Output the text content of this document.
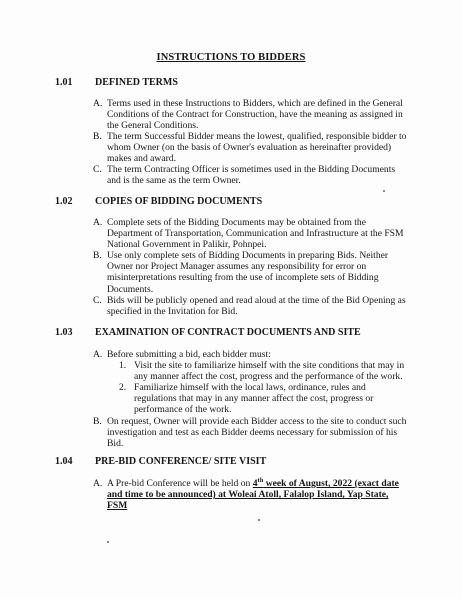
INSTRUCTIONS TO BIDDERS
1.01 DEFINED TERMS
A. Terms used in these Instructions to Bidders, which are defined in the General
Conditions of the Contract for Construction, have the meaning as assigned in
the General Conditions.
B. The term Successful Bidder means the lowest, qualified, responsible bidder to
whom Owner (on the basis of Owner's evaluation as hereinafter provided)
makes and award.
C. The term Contracting Officer is sometimes used in the Bidding Documents
and is the same as the term Owner.
1.02 COPIES OF BIDDING DOCUMENTS
A. Complete sets of the Bidding Documents may be obtained from the
Department of Transportation, Communication and Infrastructure at the FSM
National Government in Palikir, Pohnpei.
B. Use only complete sets of Bidding Documents in preparing Bids. Neither
Owner nor Project Manager assumes any responsibility for error on
misinterpretations resulting from the use of incomplete sets of Bidding
Documents.
C. Bids will be publicly opened and read aloud at the time of the Bid Opening as
specified in the Invitation for Bid.
1.03 EXAMINATION OF CONTRACT DOCUMENTS AND SITE
A. Before submitting a bid, each bidder must:
1. Visit the site to familiarize himself with the site conditions that may in
any manner affect the cost, progress and the performance of the work.
2. Familiarize himself with the local laws, ordinance, rules and
regulations that may in any manner affect the cost, progress or
performance of the work.
B. On request, Owner will provide each Bidder access to the site to conduct such
investigation and test as each Bidder deems necessary for submission of his
Bid.
1.04 PRE-BID CONFERENCE/ SITE VISIT
A. A Pre-bid Conference will be held on 4th week of August, 2022 (exact date
and time to be announced) at Woleai Atoll, Falalop Island, Yap State,
FSM
